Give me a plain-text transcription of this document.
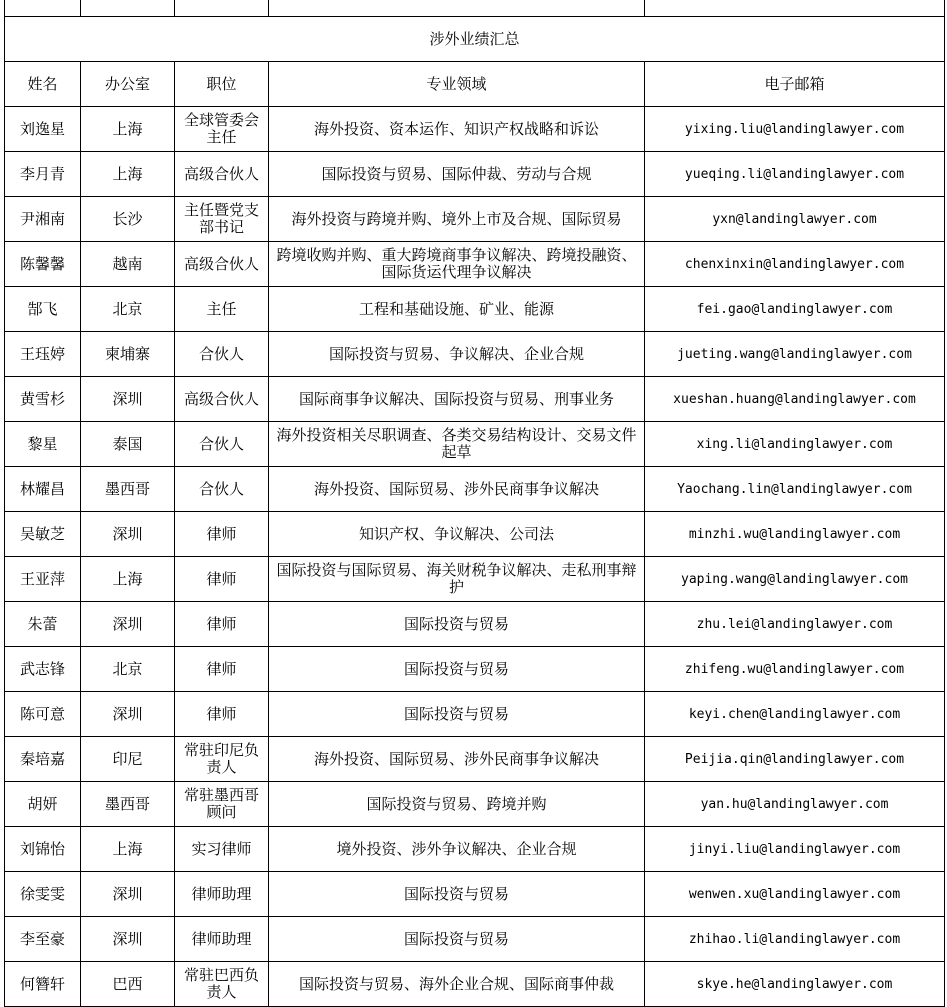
涉外业绩汇总				
姓名	办公室	职位	专业领域	电子邮箱
刘逸星	上海	全球管委会主任	海外投资、资本运作、知识产权战略和诉讼	yixing.liu@landinglawyer.com
李月青	上海	高级合伙人	国际投资与贸易、国际仲裁、劳动与合规	yueqing.li@landinglawyer.com
尹湘南	长沙	主任暨党支部书记	海外投资与跨境并购、境外上市及合规、国际贸易	yxn@landinglawyer.com
陈馨馨	越南	高级合伙人	跨境收购并购、重大跨境商事争议解决、跨境投融资、国际货运代理争议解决	chenxinxin@landinglawyer.com
郜飞	北京	主任	工程和基础设施、矿业、能源	fei.gao@landinglawyer.com
王珏婷	柬埔寨	合伙人	国际投资与贸易、争议解决、企业合规	jueting.wang@landinglawyer.com
黄雪杉	深圳	高级合伙人	国际商事争议解决、国际投资与贸易、刑事业务	xueshan.huang@landinglawyer.com
黎星	泰国	合伙人	海外投资相关尽职调查、各类交易结构设计、交易文件起草	xing.li@landinglawyer.com
林耀昌	墨西哥	合伙人	海外投资、国际贸易、涉外民商事争议解决	Yaochang.lin@landinglawyer.com
吴敏芝	深圳	律师	知识产权、争议解决、公司法	minzhi.wu@landinglawyer.com
王亚萍	上海	律师	国际投资与国际贸易、海关财税争议解决、走私刑事辩护	yaping.wang@landinglawyer.com
朱蕾	深圳	律师	国际投资与贸易	zhu.lei@landinglawyer.com
武志锋	北京	律师	国际投资与贸易	zhifeng.wu@landinglawyer.com
陈可意	深圳	律师	国际投资与贸易	keyi.chen@landinglawyer.com
秦培嘉	印尼	常驻印尼负责人	海外投资、国际贸易、涉外民商事争议解决	Peijia.qin@landinglawyer.com
胡妍	墨西哥	常驻墨西哥顾问	国际投资与贸易、跨境并购	yan.hu@landinglawyer.com
刘锦怡	上海	实习律师	境外投资、涉外争议解决、企业合规	jinyi.liu@landinglawyer.com
徐雯雯	深圳	律师助理	国际投资与贸易	wenwen.xu@landinglawyer.com
李至豪	深圳	律师助理	国际投资与贸易	zhihao.li@landinglawyer.com
何簪轩	巴西	常驻巴西负责人	国际投资与贸易、海外企业合规、国际商事仲裁	skye.he@landinglawyer.com
